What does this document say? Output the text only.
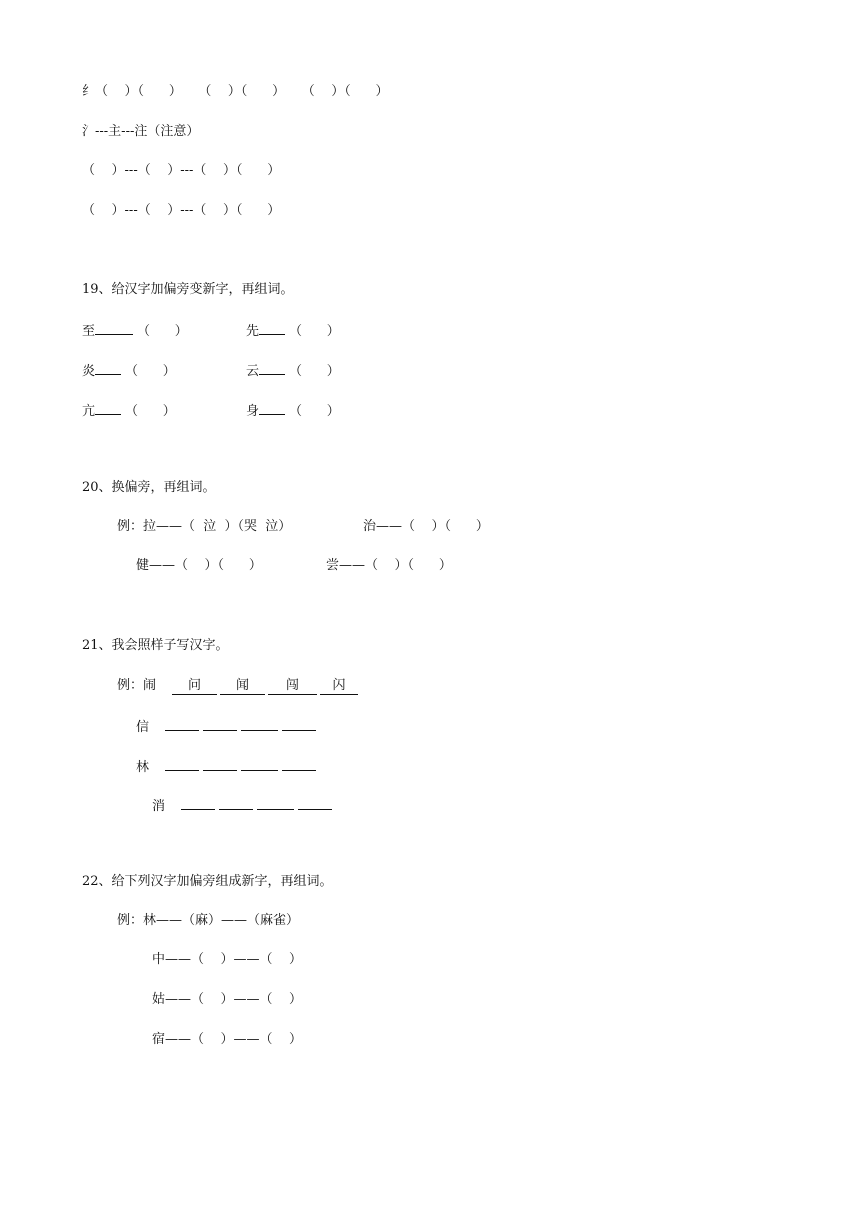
纟（    ）（      ）    （    ）（      ）    （    ）（      ）
氵---主---注（注意）
（    ）---（    ）---（    ）（      ）
（    ）---（    ）---（    ）（      ）
19、给汉字加偏旁变新字，再组词。
至	（      ）	先 （      ）
炎 （      ）	云 （      ）
亢 （      ）	身 （      ）
20、换偏旁，再组词。
例：拉——（  泣  ）（哭  泣）	治——（    ）（      ）
健——（    ）（      ）	尝——（    ）（      ）
21、我会照样子写汉字。
例：闹 问	闻	闯	闪
信
林
消
22、给下列汉字加偏旁组成新字，再组词。
例：林——（麻）——（麻雀）
中——（    ）——（    ）
姑——（    ）——（    ）
宿——（    ）——（    ）
